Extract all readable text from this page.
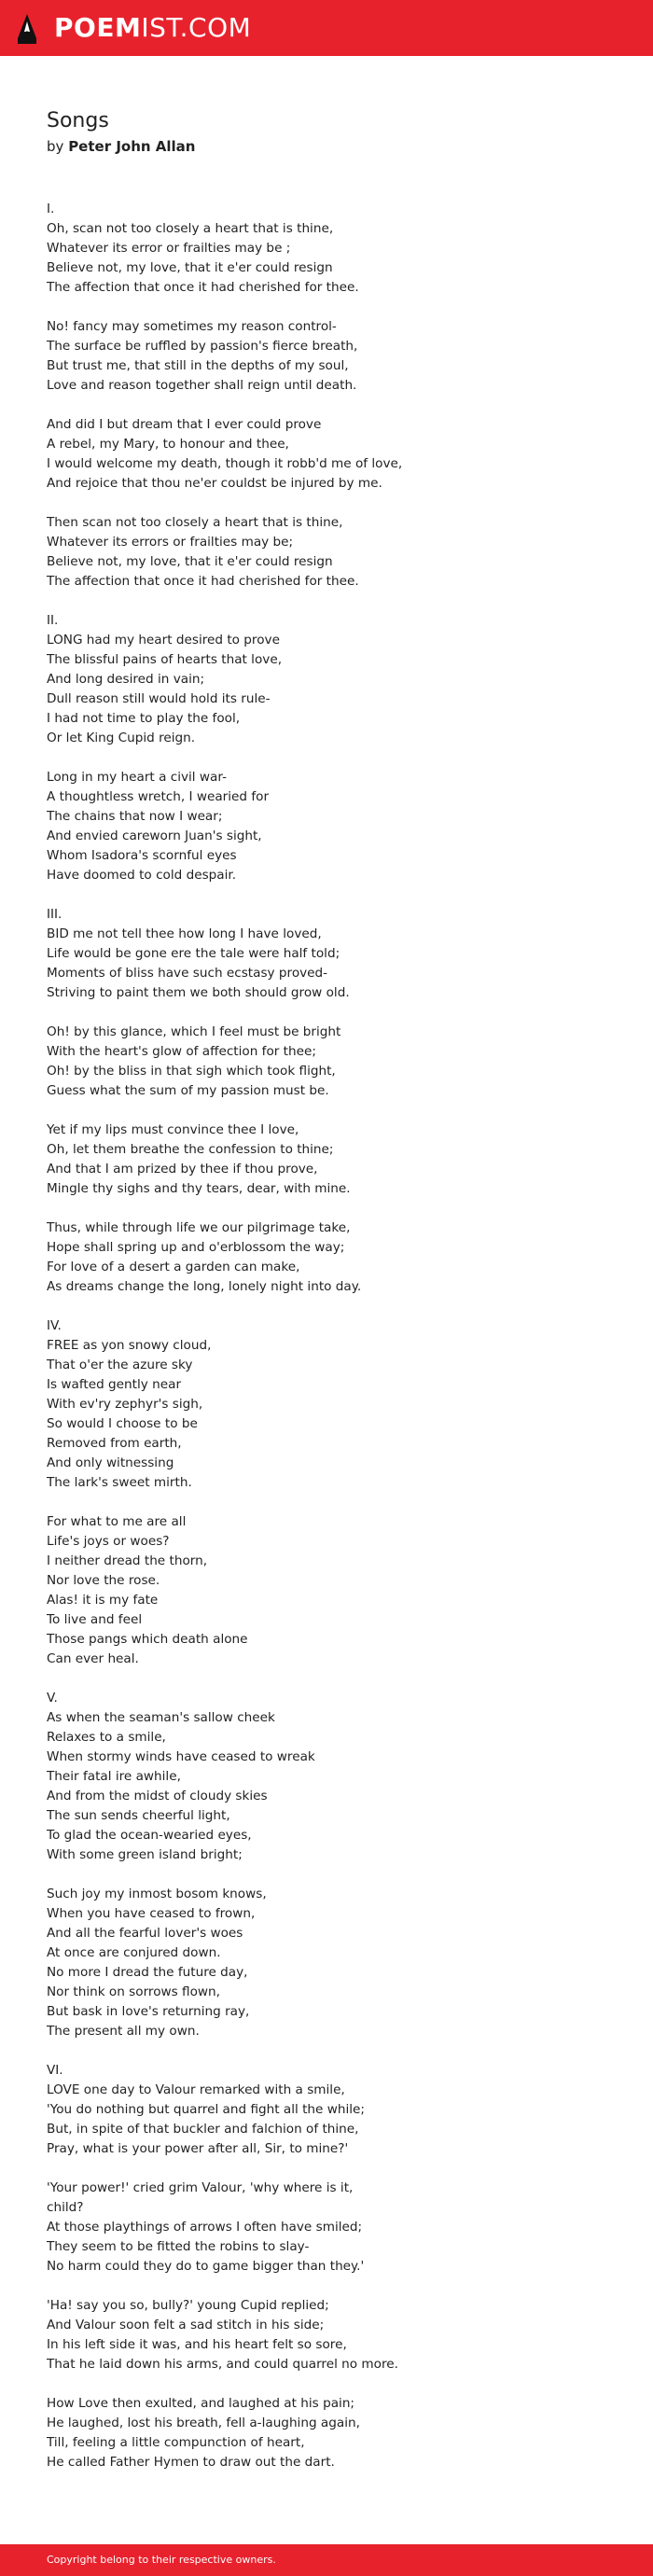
POEMIST.COM
Songs
by Peter John Allan
I.
Oh, scan not too closely a heart that is thine,
Whatever its error or frailties may be ;
Believe not, my love, that it e'er could resign
The affection that once it had cherished for thee.
No! fancy may sometimes my reason control-
The surface be ruffled by passion's fierce breath,
But trust me, that still in the depths of my soul,
Love and reason together shall reign until death.
And did I but dream that I ever could prove
A rebel, my Mary, to honour and thee,
I would welcome my death, though it robb'd me of love,
And rejoice that thou ne'er couldst be injured by me.
Then scan not too closely a heart that is thine,
Whatever its errors or frailties may be;
Believe not, my love, that it e'er could resign
The affection that once it had cherished for thee.
II.
LONG had my heart desired to prove
The blissful pains of hearts that love,
And long desired in vain;
Dull reason still would hold its rule-
I had not time to play the fool,
Or let King Cupid reign.
Long in my heart a civil war-
A thoughtless wretch, I wearied for
The chains that now I wear;
And envied careworn Juan's sight,
Whom Isadora's scornful eyes
Have doomed to cold despair.
III.
BID me not tell thee how long I have loved,
Life would be gone ere the tale were half told;
Moments of bliss have such ecstasy proved-
Striving to paint them we both should grow old.
Oh! by this glance, which I feel must be bright
With the heart's glow of affection for thee;
Oh! by the bliss in that sigh which took flight,
Guess what the sum of my passion must be.
Yet if my lips must convince thee I love,
Oh, let them breathe the confession to thine;
And that I am prized by thee if thou prove,
Mingle thy sighs and thy tears, dear, with mine.
Thus, while through life we our pilgrimage take,
Hope shall spring up and o'erblossom the way;
For love of a desert a garden can make,
As dreams change the long, lonely night into day.
IV.
FREE as yon snowy cloud,
That o'er the azure sky
Is wafted gently near
With ev'ry zephyr's sigh,
So would I choose to be
Removed from earth,
And only witnessing
The lark's sweet mirth.
For what to me are all
Life's joys or woes?
I neither dread the thorn,
Nor love the rose.
Alas! it is my fate
To live and feel
Those pangs which death alone
Can ever heal.
V.
As when the seaman's sallow cheek
Relaxes to a smile,
When stormy winds have ceased to wreak
Their fatal ire awhile,
And from the midst of cloudy skies
The sun sends cheerful light,
To glad the ocean-wearied eyes,
With some green island bright;
Such joy my inmost bosom knows,
When you have ceased to frown,
And all the fearful lover's woes
At once are conjured down.
No more I dread the future day,
Nor think on sorrows flown,
But bask in love's returning ray,
The present all my own.
VI.
LOVE one day to Valour remarked with a smile,
'You do nothing but quarrel and fight all the while;
But, in spite of that buckler and falchion of thine,
Pray, what is your power after all, Sir, to mine?'
'Your power!' cried grim Valour, 'why where is it,
child?
At those playthings of arrows I often have smiled;
They seem to be fitted the robins to slay-
No harm could they do to game bigger than they.'
'Ha! say you so, bully?' young Cupid replied;
And Valour soon felt a sad stitch in his side;
In his left side it was, and his heart felt so sore,
That he laid down his arms, and could quarrel no more.
How Love then exulted, and laughed at his pain;
He laughed, lost his breath, fell a-laughing again,
Till, feeling a little compunction of heart,
He called Father Hymen to draw out the dart.
Copyright belong to their respective owners.
